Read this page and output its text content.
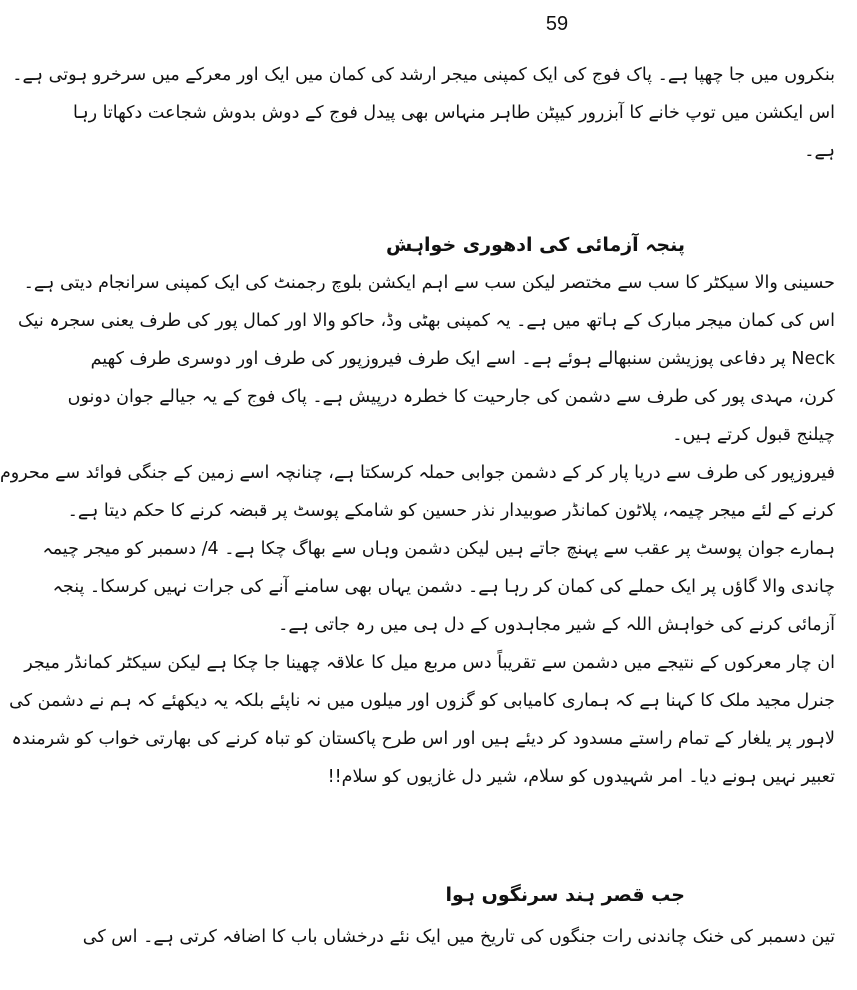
59
بنکروں میں جا چھپا ہے۔ پاک فوج کی ایک کمپنی میجر ارشد کی کمان میں ایک اور معرکے میں سرخرو ہوتی ہے۔
اس ایکشن میں توپ خانے کا آبزرور کیپٹن طاہر منہاس بھی پیدل فوج کے دوش بدوش شجاعت دکھاتا رہا
ہے۔
پنجہ آزمائی کی ادھوری خواہش
حسینی والا سیکٹر کا سب سے مختصر لیکن سب سے اہم ایکشن بلوچ رجمنٹ کی ایک کمپنی سرانجام دیتی ہے۔
اس کی کمان میجر مبارک کے ہاتھ میں ہے۔ یہ کمپنی بھٹی وڈ، حاکو والا اور کمال پور کی طرف یعنی سجرہ نیک
Neck پر دفاعی پوزیشن سنبھالے ہوئے ہے۔ اسے ایک طرف فیروزپور کی طرف اور دوسری طرف کھیم
کرن، مہدی پور کی طرف سے دشمن کی جارحیت کا خطرہ درپیش ہے۔ پاک فوج کے یہ جیالے جوان دونوں
چیلنج قبول کرتے ہیں۔
فیروزپور کی طرف سے دریا پار کر کے دشمن جوابی حملہ کرسکتا ہے، چنانچہ اسے زمین کے جنگی فوائد سے محروم
کرنے کے لئے میجر چیمہ، پلاٹون کمانڈر صوبیدار نذر حسین کو شامکے پوسٹ پر قبضہ کرنے کا حکم دیتا ہے۔
ہمارے جوان پوسٹ پر عقب سے پہنچ جاتے ہیں لیکن دشمن وہاں سے بھاگ چکا ہے۔ 4/ دسمبر کو میجر چیمہ
چاندی والا گاؤں پر ایک حملے کی کمان کر رہا ہے۔ دشمن یہاں بھی سامنے آنے کی جرات نہیں کرسکا۔ پنجہ
آزمائی کرنے کی خواہش اللہ کے شیر مجاہدوں کے دل ہی میں رہ جاتی ہے۔
ان چار معرکوں کے نتیجے میں دشمن سے تقریباً دس مربع میل کا علاقہ چھینا جا چکا ہے لیکن سیکٹر کمانڈر میجر
جنرل مجید ملک کا کہنا ہے کہ ہماری کامیابی کو گزوں اور میلوں میں نہ ناپئے بلکہ یہ دیکھئے کہ ہم نے دشمن کی
لاہور پر یلغار کے تمام راستے مسدود کر دیئے ہیں اور اس طرح پاکستان کو تباہ کرنے کی بھارتی خواب کو شرمندہ
تعبیر نہیں ہونے دیا۔ امر شہیدوں کو سلام، شیر دل غازیوں کو سلام!!
جب قصر ہند سرنگوں ہوا
تین دسمبر کی خنک چاندنی رات جنگوں کی تاریخ میں ایک نئے درخشاں باب کا اضافہ کرتی ہے۔ اس کی
